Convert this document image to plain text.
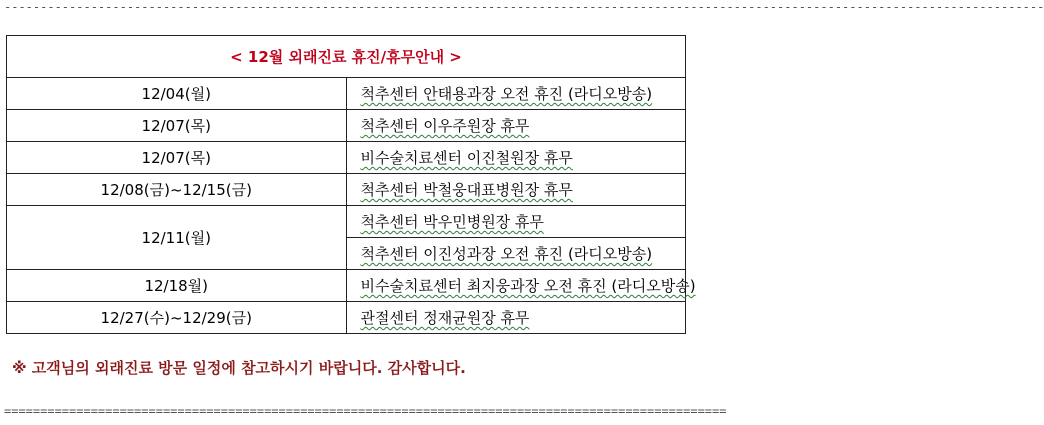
------------------------------------------------------------------------------------------------------------------------------------------------
< 12월 외래진료 휴진/휴무안내 >	
12/04(월)	척추센터 안태용과장 오전 휴진 (라디오방송)
12/07(목)	척추센터 이우주원장 휴무
12/07(목)	비수술치료센터 이진철원장 휴무
12/08(금)~12/15(금)	척추센터 박철웅대표병원장 휴무
12/11(월)	척추센터 박우민병원장 휴무
	척추센터 이진성과장 오전 휴진 (라디오방송)
12/18월)	비수술치료센터 최지웅과장 오전 휴진 (라디오방송)
12/27(수)~12/29(금)	관절센터 정재균원장 휴무
※ 고객님의 외래진료 방문 일정에 참고하시기 바랍니다. 감사합니다.
====================================================================================================
